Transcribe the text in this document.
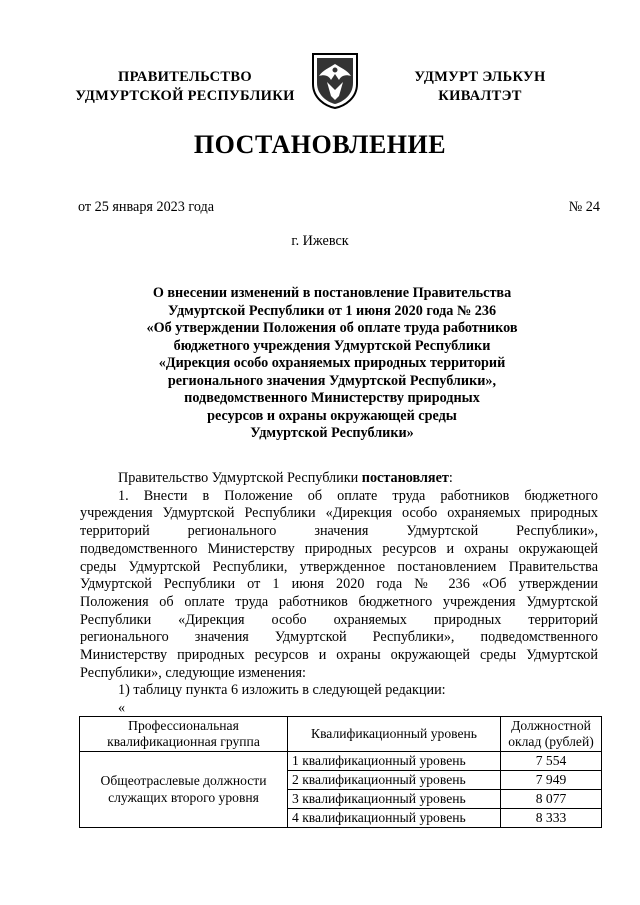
ПРАВИТЕЛЬСТВО
УДМУРТСКОЙ РЕСПУБЛИКИ
УДМУРТ ЭЛЬКУН
КИВАЛТЭТ
ПОСТАНОВЛЕНИЕ
от 25 января 2023 года	№ 24
г. Ижевск
О внесении изменений в постановление Правительства
Удмуртской Республики от 1 июня 2020 года № 236
«Об утверждении Положения об оплате труда работников
бюджетного учреждения Удмуртской Республики
«Дирекция особо охраняемых природных территорий
регионального значения Удмуртской Республики»,
подведомственного Министерству природных
ресурсов и охраны окружающей среды
Удмуртской Республики»
Правительство Удмуртской Республики постановляет:
1. Внести в Положение об оплате труда работников бюджетного
учреждения Удмуртской Республики «Дирекция особо охраняемых природных
территорий регионального значения Удмуртской Республики»,
подведомственного Министерству природных ресурсов и охраны окружающей
среды Удмуртской Республики, утвержденное постановлением Правительства
Удмуртской Республики от 1 июня 2020 года № 236 «Об утверждении
Положения об оплате труда работников бюджетного учреждения Удмуртской
Республики «Дирекция особо охраняемых природных территорий
регионального значения Удмуртской Республики», подведомственного
Министерству природных ресурсов и охраны окружающей среды Удмуртской
Республики», следующие изменения:
1) таблицу пункта 6 изложить в следующей редакции:
«
Профессиональная квалификационная группа	Квалификационный уровень	Должностной оклад (рублей)
Общеотраслевые должности служащих второго уровня	1 квалификационный уровень	7 554
	2 квалификационный уровень	7 949
	3 квалификационный уровень	8 077
	4 квалификационный уровень	8 333
